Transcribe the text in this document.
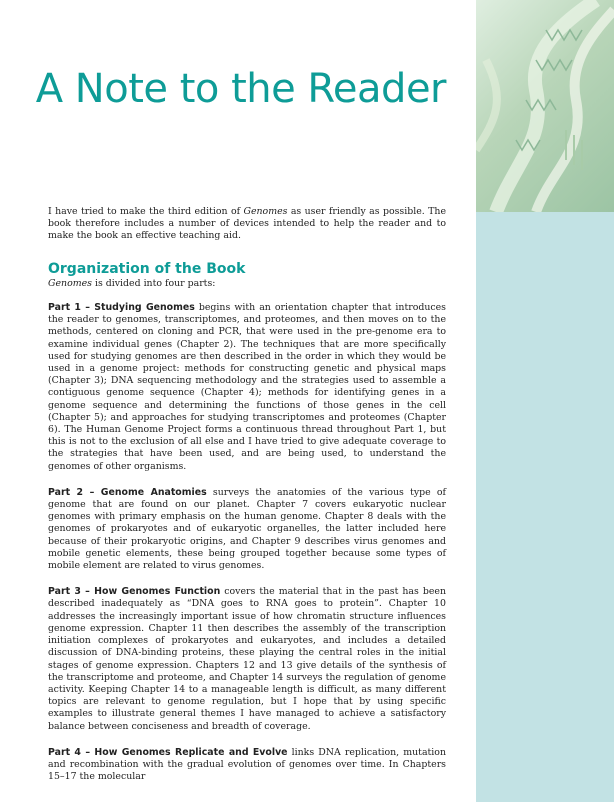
A Note to the Reader

I have tried to make the third edition of Genomes as user friendly as possible. The book therefore includes a number of devices intended to help the reader and to make the book an effective teaching aid.

Organization of the Book

Genomes is divided into four parts:

Part 1 – Studying Genomes begins with an orientation chapter that introduces the reader to genomes, transcriptomes, and proteomes, and then moves on to the methods, centered on cloning and PCR, that were used in the pre-genome era to examine individual genes (Chapter 2). The techniques that are more specifically used for studying genomes are then described in the order in which they would be used in a genome project: methods for constructing genetic and physical maps (Chapter 3); DNA sequencing methodology and the strategies used to assemble a contiguous genome sequence (Chapter 4); methods for identifying genes in a genome sequence and determining the functions of those genes in the cell (Chapter 5); and approaches for studying transcriptomes and proteomes (Chapter 6). The Human Genome Project forms a continuous thread throughout Part 1, but this is not to the exclusion of all else and I have tried to give adequate coverage to the strategies that have been used, and are being used, to understand the genomes of other organisms.

Part 2 – Genome Anatomies surveys the anatomies of the various type of genome that are found on our planet. Chapter 7 covers eukaryotic nuclear genomes with primary emphasis on the human genome. Chapter 8 deals with the genomes of prokaryotes and of eukaryotic organelles, the latter included here because of their prokaryotic origins, and Chapter 9 describes virus genomes and mobile genetic elements, these being grouped together because some types of mobile element are related to virus genomes.

Part 3 – How Genomes Function covers the material that in the past has been described inadequately as “DNA goes to RNA goes to protein”. Chapter 10 addresses the increasingly important issue of how chromatin structure influences genome expression. Chapter 11 then describes the assembly of the transcription initiation complexes of prokaryotes and eukaryotes, and includes a detailed discussion of DNA-binding proteins, these playing the central roles in the initial stages of genome expression. Chapters 12 and 13 give details of the synthesis of the transcriptome and proteome, and Chapter 14 surveys the regulation of genome activity. Keeping Chapter 14 to a manageable length is difficult, as many different topics are relevant to genome regulation, but I hope that by using specific examples to illustrate general themes I have managed to achieve a satisfactory balance between conciseness and breadth of coverage.

Part 4 – How Genomes Replicate and Evolve links DNA replication, mutation and recombination with the gradual evolution of genomes over time. In Chapters 15–17 the molecular
